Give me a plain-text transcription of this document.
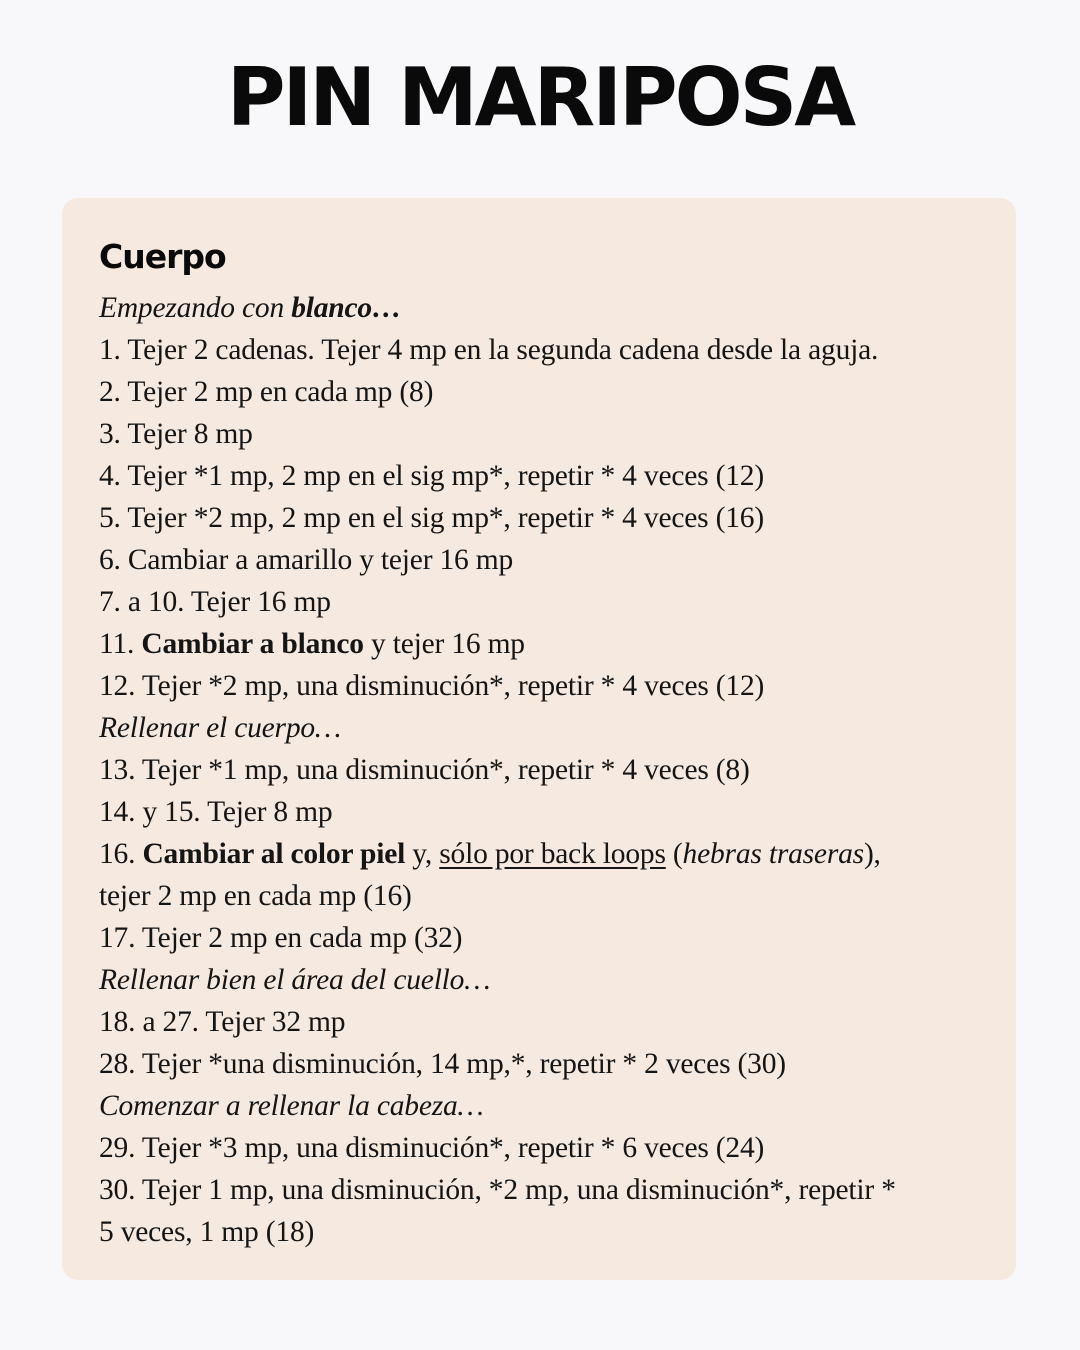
PIN MARIPOSA
Cuerpo
Empezando con blanco…
1. Tejer 2 cadenas. Tejer 4 mp en la segunda cadena desde la aguja.
2. Tejer 2 mp en cada mp (8)
3. Tejer 8 mp
4. Tejer *1 mp, 2 mp en el sig mp*, repetir * 4 veces (12)
5. Tejer *2 mp, 2 mp en el sig mp*, repetir * 4 veces (16)
6. Cambiar a amarillo y tejer 16 mp
7. a 10. Tejer 16 mp
11. Cambiar a blanco y tejer 16 mp
12. Tejer *2 mp, una disminución*, repetir * 4 veces (12)
Rellenar el cuerpo…
13. Tejer *1 mp, una disminución*, repetir * 4 veces (8)
14. y 15. Tejer 8 mp
16. Cambiar al color piel y, sólo por back loops (hebras traseras),
tejer 2 mp en cada mp (16)
17. Tejer 2 mp en cada mp (32)
Rellenar bien el área del cuello…
18. a 27. Tejer 32 mp
28. Tejer *una disminución, 14 mp,*, repetir * 2 veces (30)
Comenzar a rellenar la cabeza…
29. Tejer *3 mp, una disminución*, repetir * 6 veces (24)
30. Tejer 1 mp, una disminución, *2 mp, una disminución*, repetir *
5 veces, 1 mp (18)
